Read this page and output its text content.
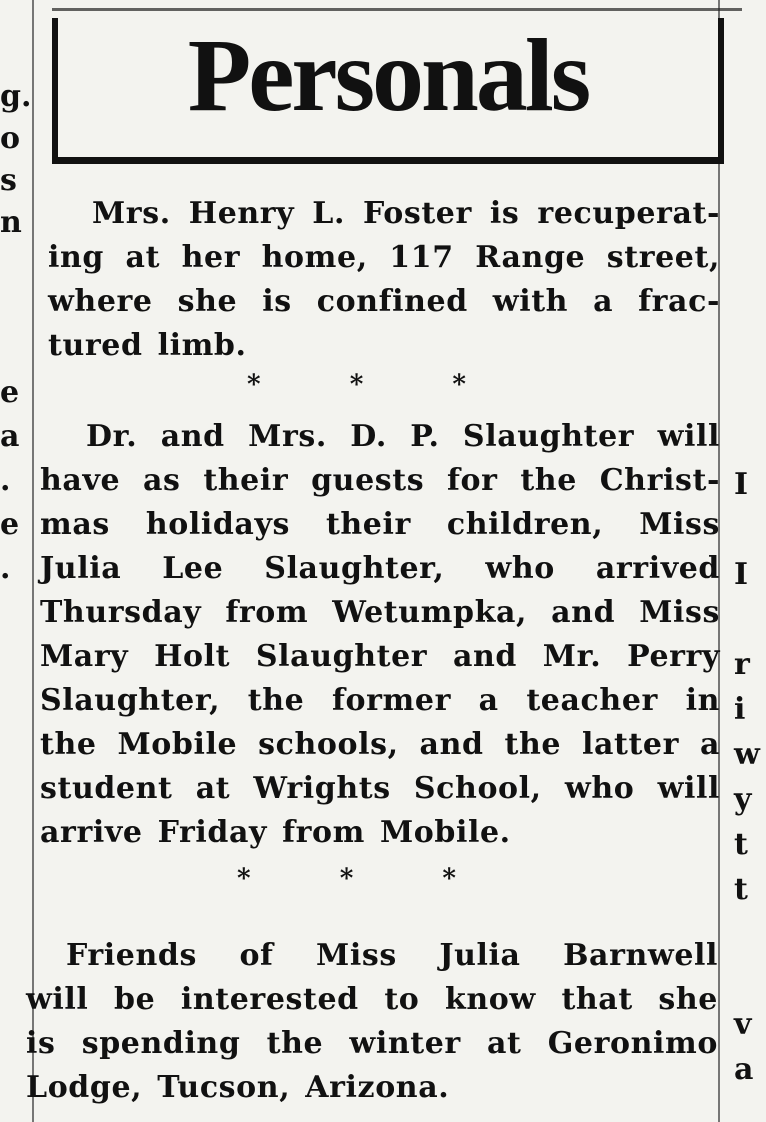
g.
o
s
n
e
a
.
e
.
I
I
r
i
w
y
t
t
v
a
Personals
Mrs. Henry L. Foster is recuperat-
ing at her home, 117 Range street,
where she is confined with a frac-
tured limb.
* * *
Dr. and Mrs. D. P. Slaughter will
have as their guests for the Christ-
mas holidays their children, Miss
Julia Lee Slaughter, who arrived
Thursday from Wetumpka, and Miss
Mary Holt Slaughter and Mr. Perry
Slaughter, the former a teacher in
the Mobile schools, and the latter a
student at Wrights School, who will
arrive Friday from Mobile.
* * *
Friends of Miss Julia Barnwell
will be interested to know that she
is spending the winter at Geronimo
Lodge, Tucson, Arizona.
